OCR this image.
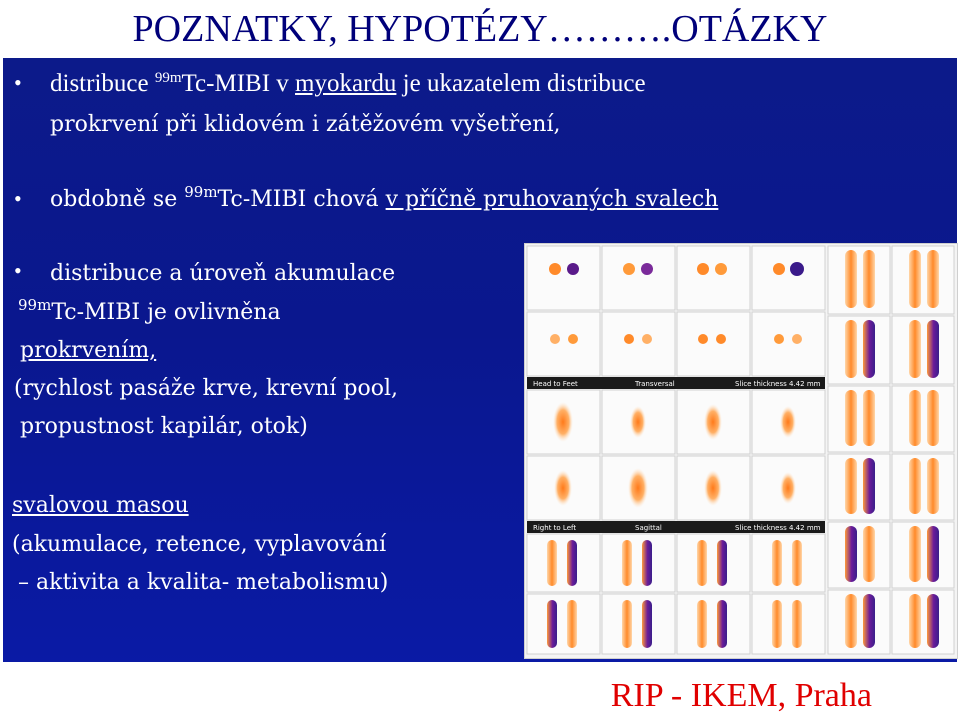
POZNATKY, HYPOTÉZY……….OTÁZKY
• distribuce $^{99m}$Tc-MIBI v myokardu je ukazatelem distribuce
prokrvení při klidovém i zátěžovém vyšetření,
• obdobně se $^{99m}$Tc-MIBI chová v příčně pruhovaných svalech
• distribuce a úroveň akumulace
$^{99m}$Tc-MIBI je ovlivněna
prokrvením,
(rychlost pasáže krve, krevní pool,
propustnost kapilár, otok)
svalovou masou
(akumulace, retence, vyplavování
– aktivita a kvalita- metabolismu)
Head to Feet	Transversal	Slice thickness 4.42 mm
Right to Left	Sagittal	Slice thickness 4.42 mm
RIP - IKEM, Praha
